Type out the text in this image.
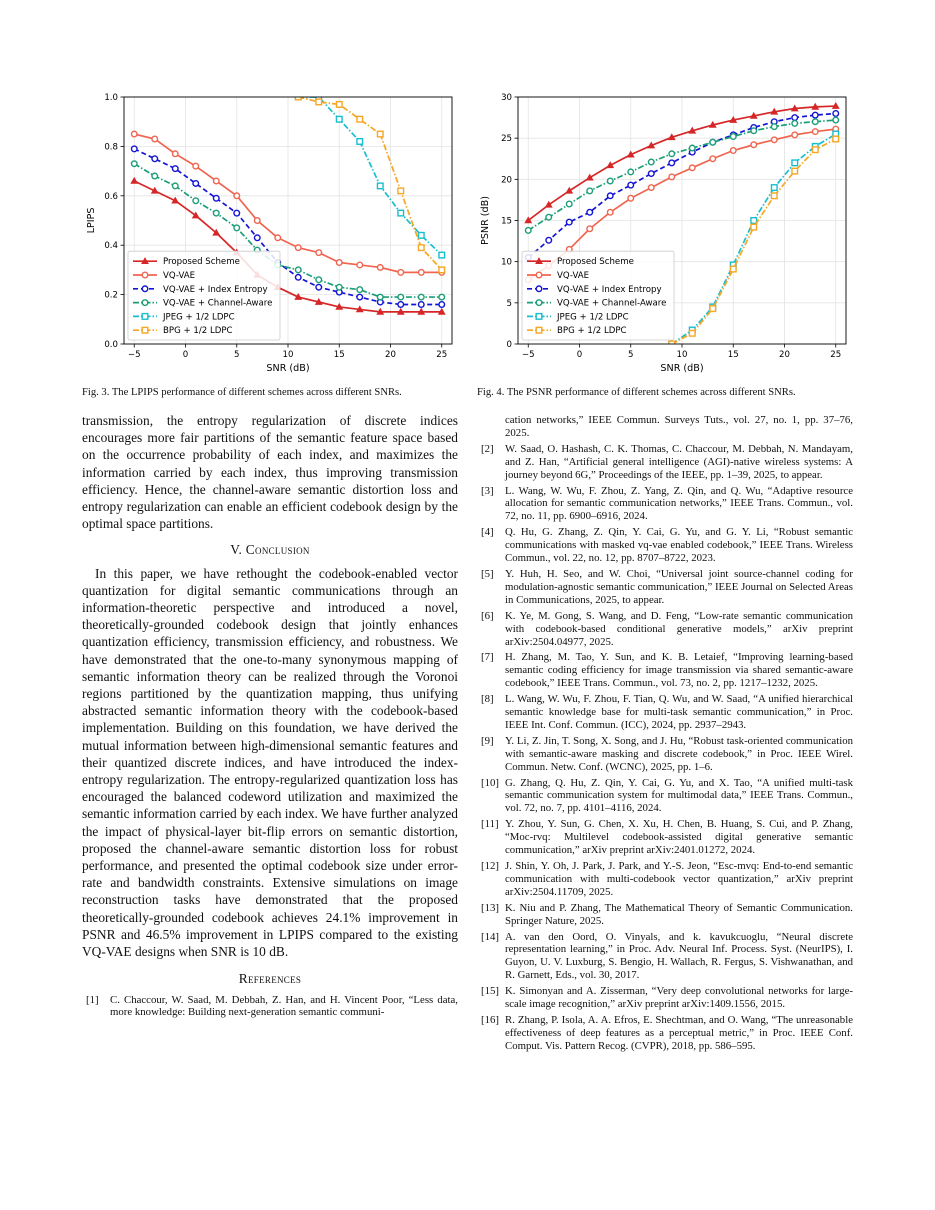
−5	0	5	10	15	20	25
0.0
0.2
0.4
0.6
0.8
1.0
SNR (dB)
LPIPS
Proposed Scheme
VQ-VAE
VQ-VAE + Index Entropy
VQ-VAE + Channel-Aware
JPEG + 1/2 LDPC
BPG + 1/2 LDPC
−5	0	5	10	15	20	25
0
5
10
15
20
25
30
SNR (dB)
PSNR (dB)
Proposed Scheme
VQ-VAE
VQ-VAE + Index Entropy
VQ-VAE + Channel-Aware
JPEG + 1/2 LDPC
BPG + 1/2 LDPC
Fig. 3. The LPIPS performance of different schemes across different SNRs.	Fig. 4. The PSNR performance of different schemes across different SNRs.

transmission, the entropy regularization of discrete indices encourages more fair partitions of the semantic feature space based on the occurrence probability of each index, and maximizes the information carried by each index, thus improving transmission efficiency. Hence, the channel-aware semantic distortion loss and entropy regularization can enable an efficient codebook design by the optimal space partitions.

V. Conclusion

In this paper, we have rethought the codebook-enabled vector quantization for digital semantic communications through an information-theoretic perspective and introduced a novel, theoretically-grounded codebook design that jointly enhances quantization efficiency, transmission efficiency, and robustness. We have demonstrated that the one-to-many synonymous mapping of semantic information theory can be realized through the Voronoi regions partitioned by the quantization mapping, thus unifying abstracted semantic information theory with the codebook-based implementation. Building on this foundation, we have derived the mutual information between high-dimensional semantic features and their quantized discrete indices, and have introduced the index-entropy regularization. The entropy-regularized quantization loss has encouraged the balanced codeword utilization and maximized the semantic information carried by each index. We have further analyzed the impact of physical-layer bit-flip errors on semantic distortion, proposed the channel-aware semantic distortion loss for robust performance, and presented the optimal codebook size under error-rate and bandwidth constraints. Extensive simulations on image reconstruction tasks have demonstrated that the proposed theoretically-grounded codebook achieves 24.1% improvement in PSNR and 46.5% improvement in LPIPS compared to the existing VQ-VAE designs when SNR is 10 dB.

References
[1]	C. Chaccour, W. Saad, M. Debbah, Z. Han, and H. Vincent Poor, “Less data, more knowledge: Building next-generation semantic communi-
cation networks,” IEEE Commun. Surveys Tuts., vol. 27, no. 1, pp. 37–76, 2025.
[2]	W. Saad, O. Hashash, C. K. Thomas, C. Chaccour, M. Debbah, N. Mandayam, and Z. Han, “Artificial general intelligence (AGI)-native wireless systems: A journey beyond 6G,” Proceedings of the IEEE, pp. 1–39, 2025, to appear.
[3]	L. Wang, W. Wu, F. Zhou, Z. Yang, Z. Qin, and Q. Wu, “Adaptive resource allocation for semantic communication networks,” IEEE Trans. Commun., vol. 72, no. 11, pp. 6900–6916, 2024.
[4]	Q. Hu, G. Zhang, Z. Qin, Y. Cai, G. Yu, and G. Y. Li, “Robust semantic communications with masked vq-vae enabled codebook,” IEEE Trans. Wireless Commun., vol. 22, no. 12, pp. 8707–8722, 2023.
[5]	Y. Huh, H. Seo, and W. Choi, “Universal joint source-channel coding for modulation-agnostic semantic communication,” IEEE Journal on Selected Areas in Communications, 2025, to appear.
[6]	K. Ye, M. Gong, S. Wang, and D. Feng, “Low-rate semantic communication with codebook-based conditional generative models,” arXiv preprint arXiv:2504.04977, 2025.
[7]	H. Zhang, M. Tao, Y. Sun, and K. B. Letaief, “Improving learning-based semantic coding efficiency for image transmission via shared semantic-aware codebook,” IEEE Trans. Commun., vol. 73, no. 2, pp. 1217–1232, 2025.
[8]	L. Wang, W. Wu, F. Zhou, F. Tian, Q. Wu, and W. Saad, “A unified hierarchical semantic knowledge base for multi-task semantic communication,” in Proc. IEEE Int. Conf. Commun. (ICC), 2024, pp. 2937–2943.
[9]	Y. Li, Z. Jin, T. Song, X. Song, and J. Hu, “Robust task-oriented communication with semantic-aware masking and discrete codebook,” in Proc. IEEE Wirel. Commun. Netw. Conf. (WCNC), 2025, pp. 1–6.
[10] G. Zhang, Q. Hu, Z. Qin, Y. Cai, G. Yu, and X. Tao, “A unified multi-task semantic communication system for multimodal data,” IEEE Trans. Commun., vol. 72, no. 7, pp. 4101–4116, 2024.
[11] Y. Zhou, Y. Sun, G. Chen, X. Xu, H. Chen, B. Huang, S. Cui, and P. Zhang, “Moc-rvq: Multilevel codebook-assisted digital generative semantic communication,” arXiv preprint arXiv:2401.01272, 2024.
[12] J. Shin, Y. Oh, J. Park, J. Park, and Y.-S. Jeon, “Esc-mvq: End-to-end semantic communication with multi-codebook vector quantization,” arXiv preprint arXiv:2504.11709, 2025.
[13] K. Niu and P. Zhang, The Mathematical Theory of Semantic Communication. Springer Nature, 2025.
[14] A. van den Oord, O. Vinyals, and k. kavukcuoglu, “Neural discrete representation learning,” in Proc. Adv. Neural Inf. Process. Syst. (NeurIPS), I. Guyon, U. V. Luxburg, S. Bengio, H. Wallach, R. Fergus, S. Vishwanathan, and R. Garnett, Eds., vol. 30, 2017.
[15] K. Simonyan and A. Zisserman, “Very deep convolutional networks for large-scale image recognition,” arXiv preprint arXiv:1409.1556, 2015.
[16] R. Zhang, P. Isola, A. A. Efros, E. Shechtman, and O. Wang, “The unreasonable effectiveness of deep features as a perceptual metric,” in Proc. IEEE Conf. Comput. Vis. Pattern Recog. (CVPR), 2018, pp. 586–595.
